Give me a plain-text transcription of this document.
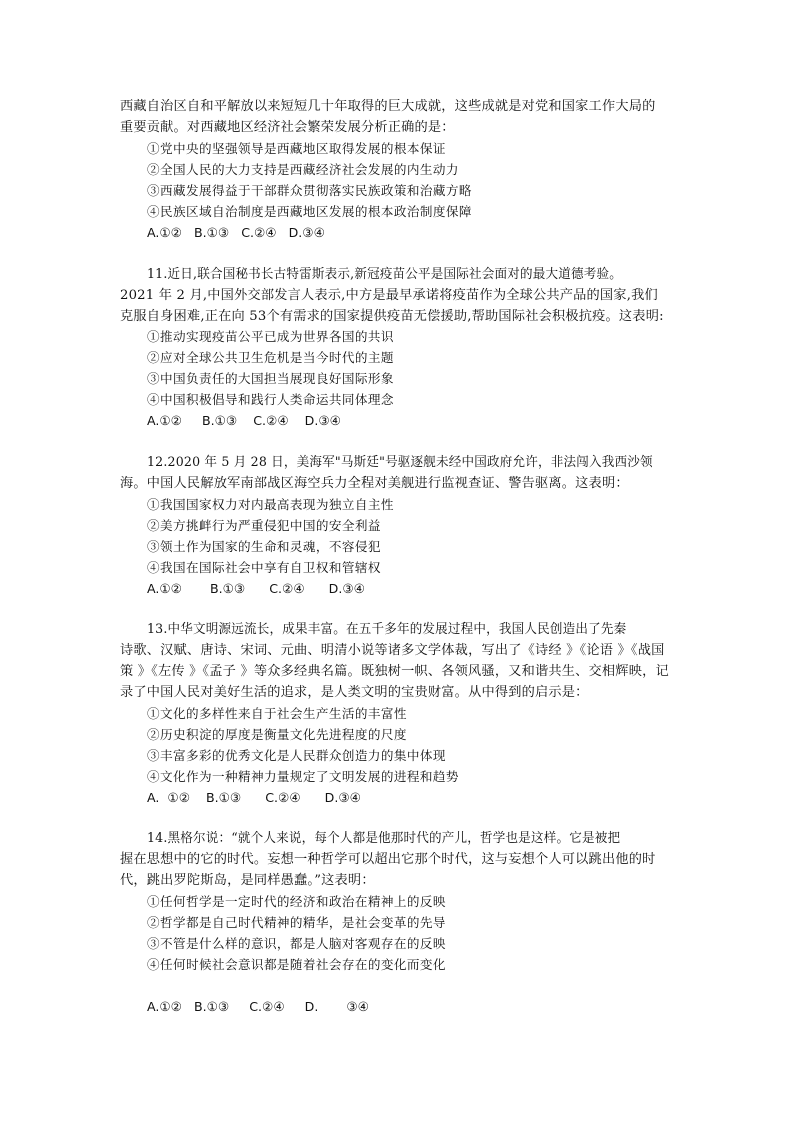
西藏自治区自和平解放以来短短几十年取得的巨大成就，这些成就是对党和国家工作大局的
重要贡献。对西藏地区经济社会繁荣发展分析正确的是：
①党中央的坚强领导是西藏地区取得发展的根本保证
②全国人民的大力支持是西藏经济社会发展的内生动力
③西藏发展得益于干部群众贯彻落实民族政策和治藏方略
④民族区域自治制度是西藏地区发展的根本政治制度保障
A.①②   B.①③   C.②④   D.③④
11.近日,联合国秘书长古特雷斯表示,新冠疫苗公平是国际社会面对的最大道德考验。
2021 年 2 月,中国外交部发言人表示,中方是最早承诺将疫苗作为全球公共产品的国家,我们
克服自身困难,正在向 53个有需求的国家提供疫苗无偿援助,帮助国际社会积极抗疫。这表明:
①推动实现疫苗公平已成为世界各国的共识
②应对全球公共卫生危机是当今时代的主题
③中国负责任的大国担当展现良好国际形象
④中国积极倡导和践行人类命运共同体理念
A.①②     B.①③    C.②④    D.③④
12.2020 年 5 月 28 日，美海军"马斯廷"号驱逐舰未经中国政府允许，非法闯入我西沙领
海。中国人民解放军南部战区海空兵力全程对美舰进行监视查证、警告驱离。这表明：
①我国国家权力对内最高表现为独立自主性
②美方挑衅行为严重侵犯中国的安全利益
③领土作为国家的生命和灵魂，不容侵犯
④我国在国际社会中享有自卫权和管辖权
A.①②       B.①③      C.②④      D.③④
13.中华文明源远流长，成果丰富。在五千多年的发展过程中，我国人民创造出了先秦
诗歌、汉赋、唐诗、宋词、元曲、明清小说等诸多文学体裁，写出了《诗经 》《论语 》《战国
策 》《左传 》《孟子 》等众多经典名篇。既独树一帜、各领风骚，又和谐共生、交相辉映，记
录了中国人民对美好生活的追求，是人类文明的宝贵财富。从中得到的启示是：
①文化的多样性来自于社会生产生活的丰富性
②历史积淀的厚度是衡量文化先进程度的尺度
③丰富多彩的优秀文化是人民群众创造力的集中体现
④文化作为一种精神力量规定了文明发展的进程和趋势
A.  ①②    B.①③      C.②④      D.③④
14.黑格尔说：“就个人来说，每个人都是他那时代的产儿，哲学也是这样。它是被把
握在思想中的它的时代。妄想一种哲学可以超出它那个时代，这与妄想个人可以跳出他的时
代，跳出罗陀斯岛，是同样愚蠢。”这表明：
①任何哲学是一定时代的经济和政治在精神上的反映
②哲学都是自己时代精神的精华，是社会变革的先导
③不管是什么样的意识，都是人脑对客观存在的反映
④任何时候社会意识都是随着社会存在的变化而变化
A.①②   B.①③     C.②④     D.       ③④
